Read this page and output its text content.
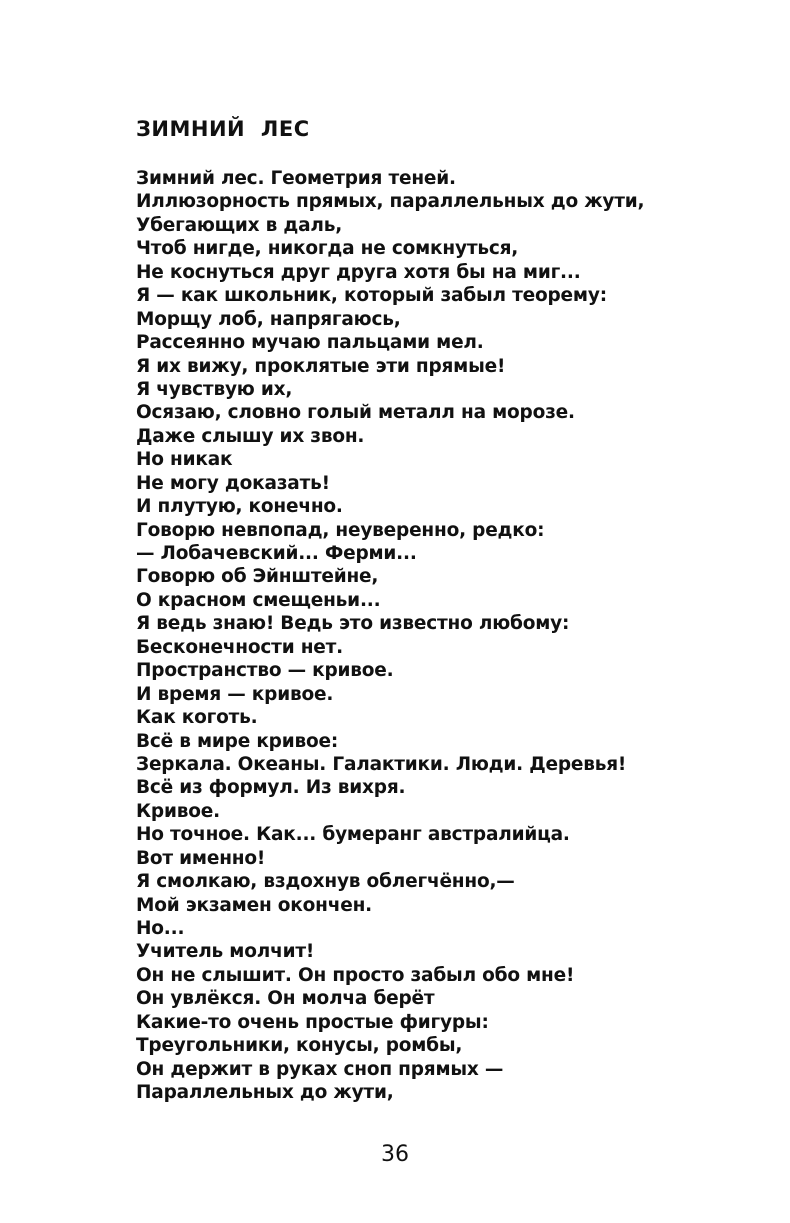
ЗИМНИЙ ЛЕС
Зимний лес. Геометрия теней.
Иллюзорность прямых, параллельных до жути,
Убегающих в даль,
Чтоб нигде, никогда не сомкнуться,
Не коснуться друг друга хотя бы на миг...
Я — как школьник, который забыл теорему:
Морщу лоб, напрягаюсь,
Рассеянно мучаю пальцами мел.
Я их вижу, проклятые эти прямые!
Я чувствую их,
Осязаю, словно голый металл на морозе.
Даже слышу их звон.
Но никак
Не могу доказать!
И плутую, конечно.
Говорю невпопад, неуверенно, редко:
— Лобачевский... Ферми...
Говорю об Эйнштейне,
О красном смещеньи...
Я ведь знаю! Ведь это известно любому:
Бесконечности нет.
Пространство — кривое.
И время — кривое.
Как коготь.
Всё в мире кривое:
Зеркала. Океаны. Галактики. Люди. Деревья!
Всё из формул. Из вихря.
Кривое.
Но точное. Как... бумеранг австралийца.
Вот именно!
Я смолкаю, вздохнув облегчённо,—
Мой экзамен окончен.
Но...
Учитель молчит!
Он не слышит. Он просто забыл обо мне!
Он увлёкся. Он молча берёт
Какие-то очень простые фигуры:
Треугольники, конусы, ромбы,
Он держит в руках сноп прямых —
Параллельных до жути,
36
